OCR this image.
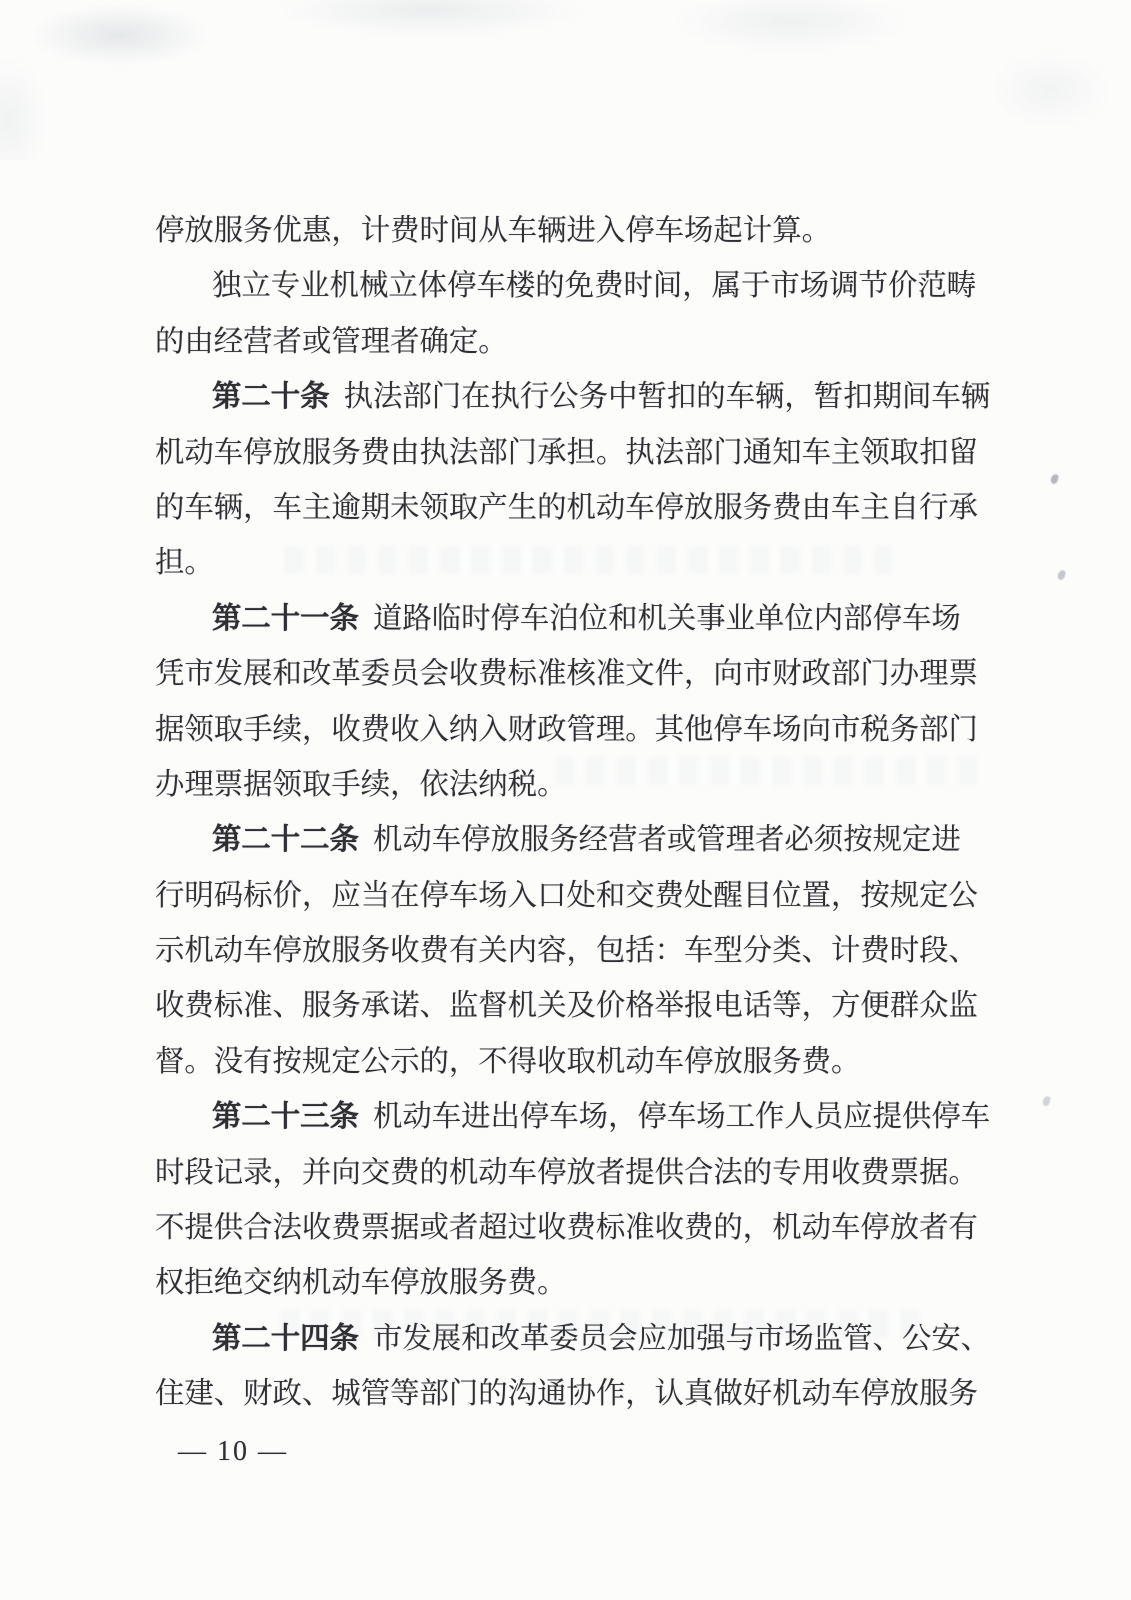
停放服务优惠，计费时间从车辆进入停车场起计算。
独立专业机械立体停车楼的免费时间，属于市场调节价范畴
的由经营者或管理者确定。
第二十条 执法部门在执行公务中暂扣的车辆，暂扣期间车辆
机动车停放服务费由执法部门承担。执法部门通知车主领取扣留
的车辆，车主逾期未领取产生的机动车停放服务费由车主自行承
担。
第二十一条 道路临时停车泊位和机关事业单位内部停车场
凭市发展和改革委员会收费标准核准文件，向市财政部门办理票
据领取手续，收费收入纳入财政管理。其他停车场向市税务部门
办理票据领取手续，依法纳税。
第二十二条 机动车停放服务经营者或管理者必须按规定进
行明码标价，应当在停车场入口处和交费处醒目位置，按规定公
示机动车停放服务收费有关内容，包括：车型分类、计费时段、
收费标准、服务承诺、监督机关及价格举报电话等，方便群众监
督。没有按规定公示的，不得收取机动车停放服务费。
第二十三条 机动车进出停车场，停车场工作人员应提供停车
时段记录，并向交费的机动车停放者提供合法的专用收费票据。
不提供合法收费票据或者超过收费标准收费的，机动车停放者有
权拒绝交纳机动车停放服务费。
第二十四条 市发展和改革委员会应加强与市场监管、公安、
住建、财政、城管等部门的沟通协作，认真做好机动车停放服务
— 10 —
